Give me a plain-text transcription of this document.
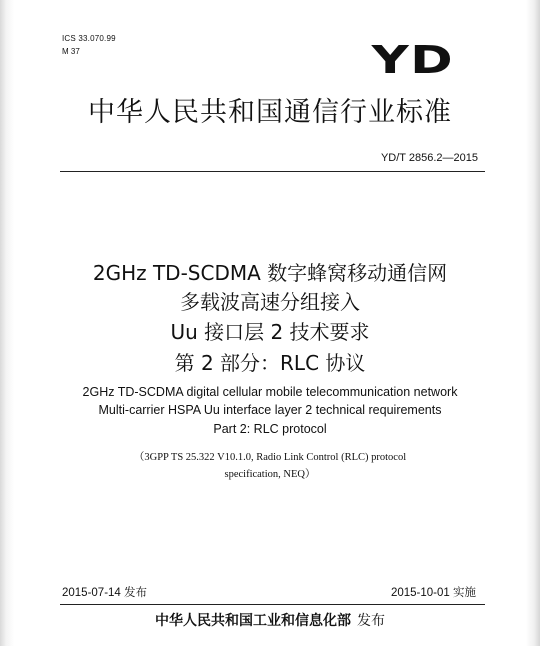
ICS 33.070.99
M 37	YD
中华人民共和国通信行业标准
YD/T 2856.2—2015
2GHz TD-SCDMA 数字蜂窝移动通信网
多载波高速分组接入
Uu 接口层 2 技术要求
第 2 部分：RLC 协议
2GHz TD-SCDMA digital cellular mobile telecommunication network
Multi-carrier HSPA Uu interface layer 2 technical requirements
Part 2: RLC protocol
（3GPP TS 25.322 V10.1.0, Radio Link Control (RLC) protocol
specification, NEQ）
2015-07-14 发布	2015-10-01 实施
中华人民共和国工业和信息化部 发布
